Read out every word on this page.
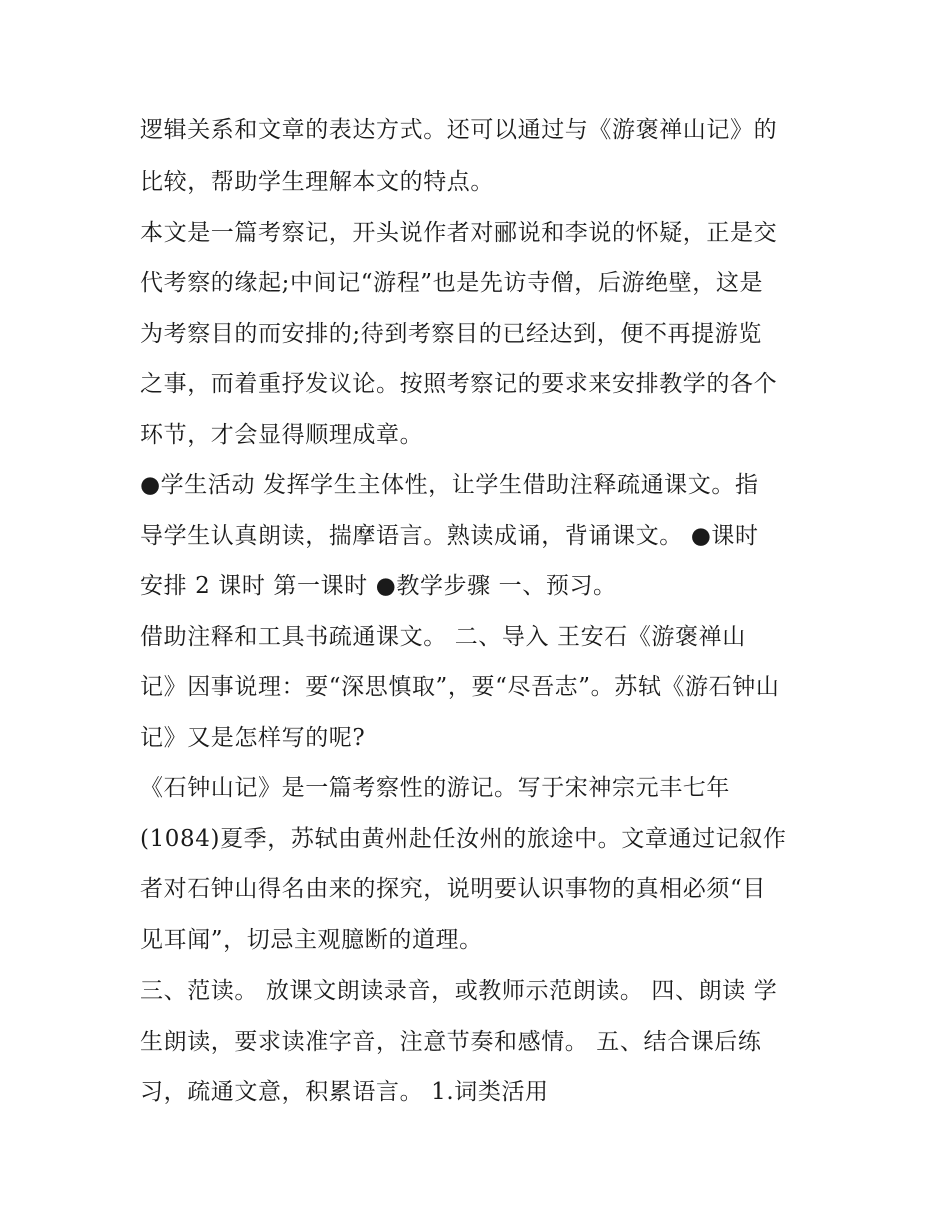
逻辑关系和文章的表达方式。还可以通过与《游褒禅山记》的
比较，帮助学生理解本文的特点。
本文是一篇考察记，开头说作者对郦说和李说的怀疑，正是交
代考察的缘起;中间记“游程”也是先访寺僧，后游绝壁，这是
为考察目的而安排的;待到考察目的已经达到，便不再提游览
之事，而着重抒发议论。按照考察记的要求来安排教学的各个
环节，才会显得顺理成章。
●学生活动 发挥学生主体性，让学生借助注释疏通课文。指
导学生认真朗读，揣摩语言。熟读成诵，背诵课文。 ●课时
安排 2 课时 第一课时 ●教学步骤 一、预习。
借助注释和工具书疏通课文。 二、导入 王安石《游褒禅山
记》因事说理：要“深思慎取”，要“尽吾志”。苏轼《游石钟山
记》又是怎样写的呢?
《石钟山记》是一篇考察性的游记。写于宋神宗元丰七年
(1084)夏季，苏轼由黄州赴任汝州的旅途中。文章通过记叙作
者对石钟山得名由来的探究，说明要认识事物的真相必须“目
见耳闻”，切忌主观臆断的道理。
三、范读。 放课文朗读录音，或教师示范朗读。 四、朗读 学
生朗读，要求读准字音，注意节奏和感情。 五、结合课后练
习，疏通文意，积累语言。 1.词类活用
